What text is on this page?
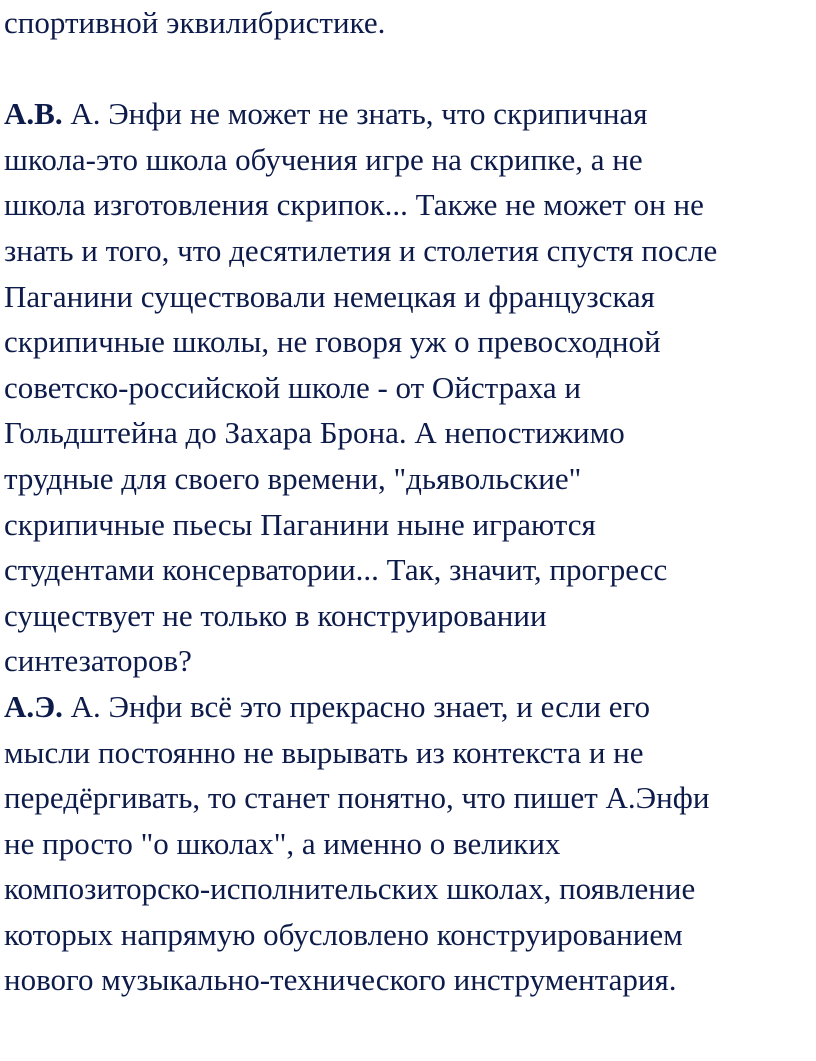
спортивной эквилибристике.
А.В. А. Энфи не может не знать, что скрипичная
школа-это школа обучения игре на скрипке, а не
школа изготовления скрипок... Также не может он не
знать и того, что десятилетия и столетия спустя после
Паганини существовали немецкая и французская
скрипичные школы, не говоря уж о превосходной
советско-российской школе - от Ойстраха и
Гольдштейна до Захара Брона. А непостижимо
трудные для своего времени, "дьявольские"
скрипичные пьесы Паганини ныне играются
студентами консерватории... Так, значит, прогресс
существует не только в конструировании
синтезаторов?
А.Э. А. Энфи всё это прекрасно знает, и если его
мысли постоянно не вырывать из контекста и не
передёргивать, то станет понятно, что пишет А.Энфи
не просто "о школах", а именно о великих
композиторско-исполнительских школах, появление
которых напрямую обусловлено конструированием
нового музыкально-технического инструментария.
